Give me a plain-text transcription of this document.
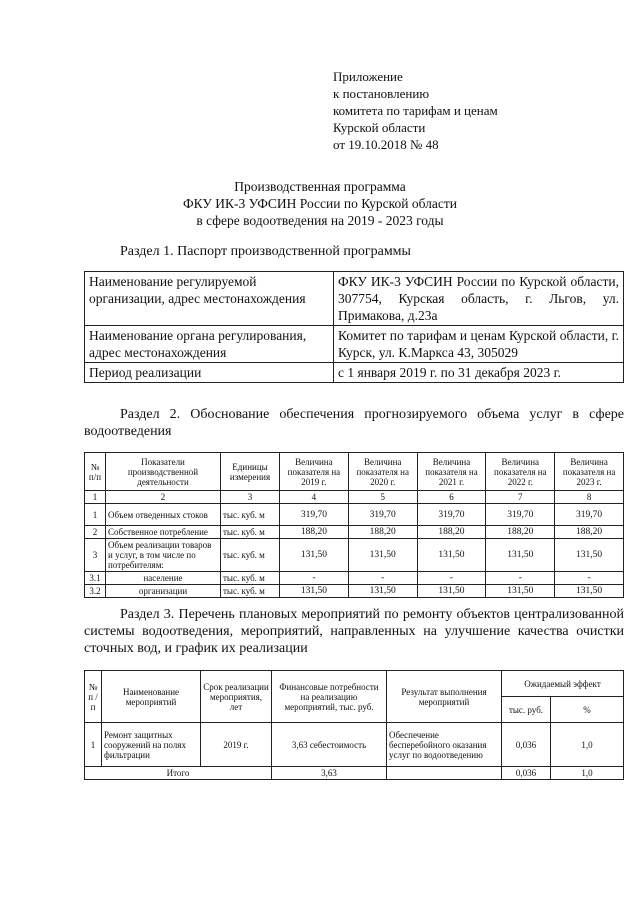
Приложение
к постановлению
комитета по тарифам и ценам
Курской области
от 19.10.2018 № 48
Производственная программа
ФКУ ИК-3 УФСИН России по Курской области
в сфере водоотведения на 2019 - 2023 годы
Раздел 1. Паспорт производственной программы
Наименование регулируемой организации, адрес местонахождения	ФКУ ИК-3 УФСИН России по Курской области, 307754, Курская область, г. Льгов, ул. Примакова, д.23а
Наименование органа регулирования, адрес местонахождения	Комитет по тарифам и ценам Курской области, г. Курск, ул. К.Маркса 43, 305029
Период реализации	с 1 января 2019 г. по 31 декабря 2023 г.
Раздел 2. Обоснование обеспечения прогнозируемого объема услуг в сфере водоотведения
№ п/п	Показатели производственной деятельности	Единицы измерения	Величина показателя на 2019 г.	Величина показателя на 2020 г.	Величина показателя на 2021 г.	Величина показателя на 2022 г.	Величина показателя на 2023 г.
1	2	3	4	5	6	7	8
1	Объем отведенных стоков	тыс. куб. м	319,70	319,70	319,70	319,70	319,70
2	Собственное потребление	тыс. куб. м	188,20	188,20	188,20	188,20	188,20
3	Объем реализации товаров и услуг, в том числе по потребителям:	тыс. куб. м	131,50	131,50	131,50	131,50	131,50
3.1	население	тыс. куб. м	-	-	-	-	-
3.2	организации	тыс. куб. м	131,50	131,50	131,50	131,50	131,50
Раздел 3. Перечень плановых мероприятий по ремонту объектов централизованной системы водоотведения, мероприятий, направленных на улучшение качества очистки сточных вод, и график их реализации
№ п / п	Наименование мероприятий	Срок реализации мероприятия, лет	Финансовые потребности на реализацию мероприятий, тыс. руб.	Результат выполнения мероприятий	Ожидаемый эффект	
					тыс. руб.	%
1	Ремонт защитных сооружений на полях фильтрации	2019 г.	3,63 себестоимость	Обеспечение бесперебойного оказания услуг по водоотведению	0,036	1,0
Итого			3,63		0,036	1,0
